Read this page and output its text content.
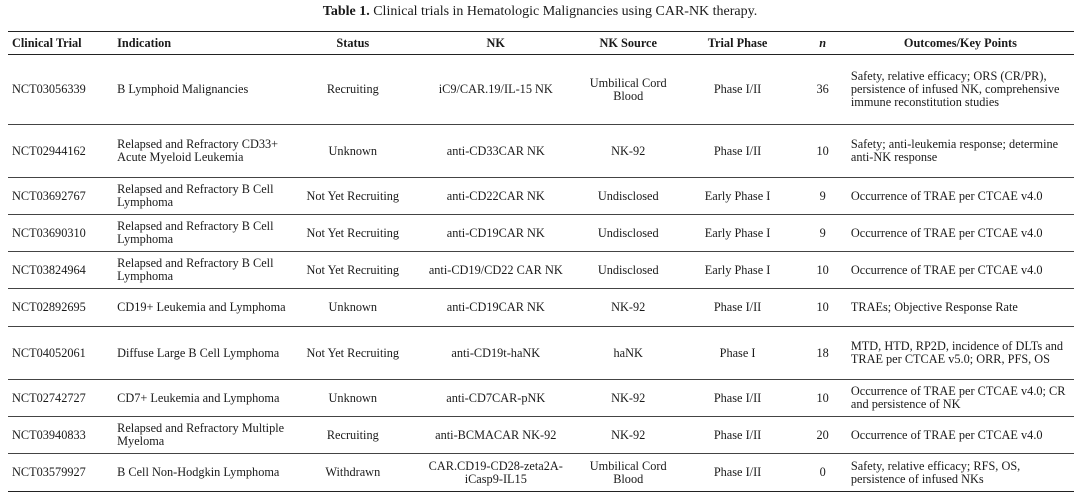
Table 1. Clinical trials in Hematologic Malignancies using CAR-NK therapy.
Clinical Trial	Indication	Status	NK	NK Source	Trial Phase	n	Outcomes/Key Points
NCT03056339	B Lymphoid Malignancies	Recruiting	iC9/CAR.19/IL-15 NK	Umbilical Cord Blood	Phase I/II	36	Safety, relative efficacy; ORS (CR/PR), persistence of infused NK, comprehensive immune reconstitution studies
NCT02944162	Relapsed and Refractory CD33+ Acute Myeloid Leukemia	Unknown	anti-CD33CAR NK	NK-92	Phase I/II	10	Safety; anti-leukemia response; determine anti-NK response
NCT03692767	Relapsed and Refractory B Cell Lymphoma	Not Yet Recruiting	anti-CD22CAR NK	Undisclosed	Early Phase I	9	Occurrence of TRAE per CTCAE v4.0
NCT03690310	Relapsed and Refractory B Cell Lymphoma	Not Yet Recruiting	anti-CD19CAR NK	Undisclosed	Early Phase I	9	Occurrence of TRAE per CTCAE v4.0
NCT03824964	Relapsed and Refractory B Cell Lymphoma	Not Yet Recruiting	anti-CD19/CD22 CAR NK	Undisclosed	Early Phase I	10	Occurrence of TRAE per CTCAE v4.0
NCT02892695	CD19+ Leukemia and Lymphoma	Unknown	anti-CD19CAR NK	NK-92	Phase I/II	10	TRAEs; Objective Response Rate
NCT04052061	Diffuse Large B Cell Lymphoma	Not Yet Recruiting	anti-CD19t-haNK	haNK	Phase I	18	MTD, HTD, RP2D, incidence of DLTs and TRAE per CTCAE v5.0; ORR, PFS, OS
NCT02742727	CD7+ Leukemia and Lymphoma	Unknown	anti-CD7CAR-pNK	NK-92	Phase I/II	10	Occurrence of TRAE per CTCAE v4.0; CR and persistence of NK
NCT03940833	Relapsed and Refractory Multiple Myeloma	Recruiting	anti-BCMACAR NK-92	NK-92	Phase I/II	20	Occurrence of TRAE per CTCAE v4.0
NCT03579927	B Cell Non-Hodgkin Lymphoma	Withdrawn	CAR.CD19-CD28-zeta2A-iCasp9-IL15	Umbilical Cord Blood	Phase I/II	0	Safety, relative efficacy; RFS, OS, persistence of infused NKs
